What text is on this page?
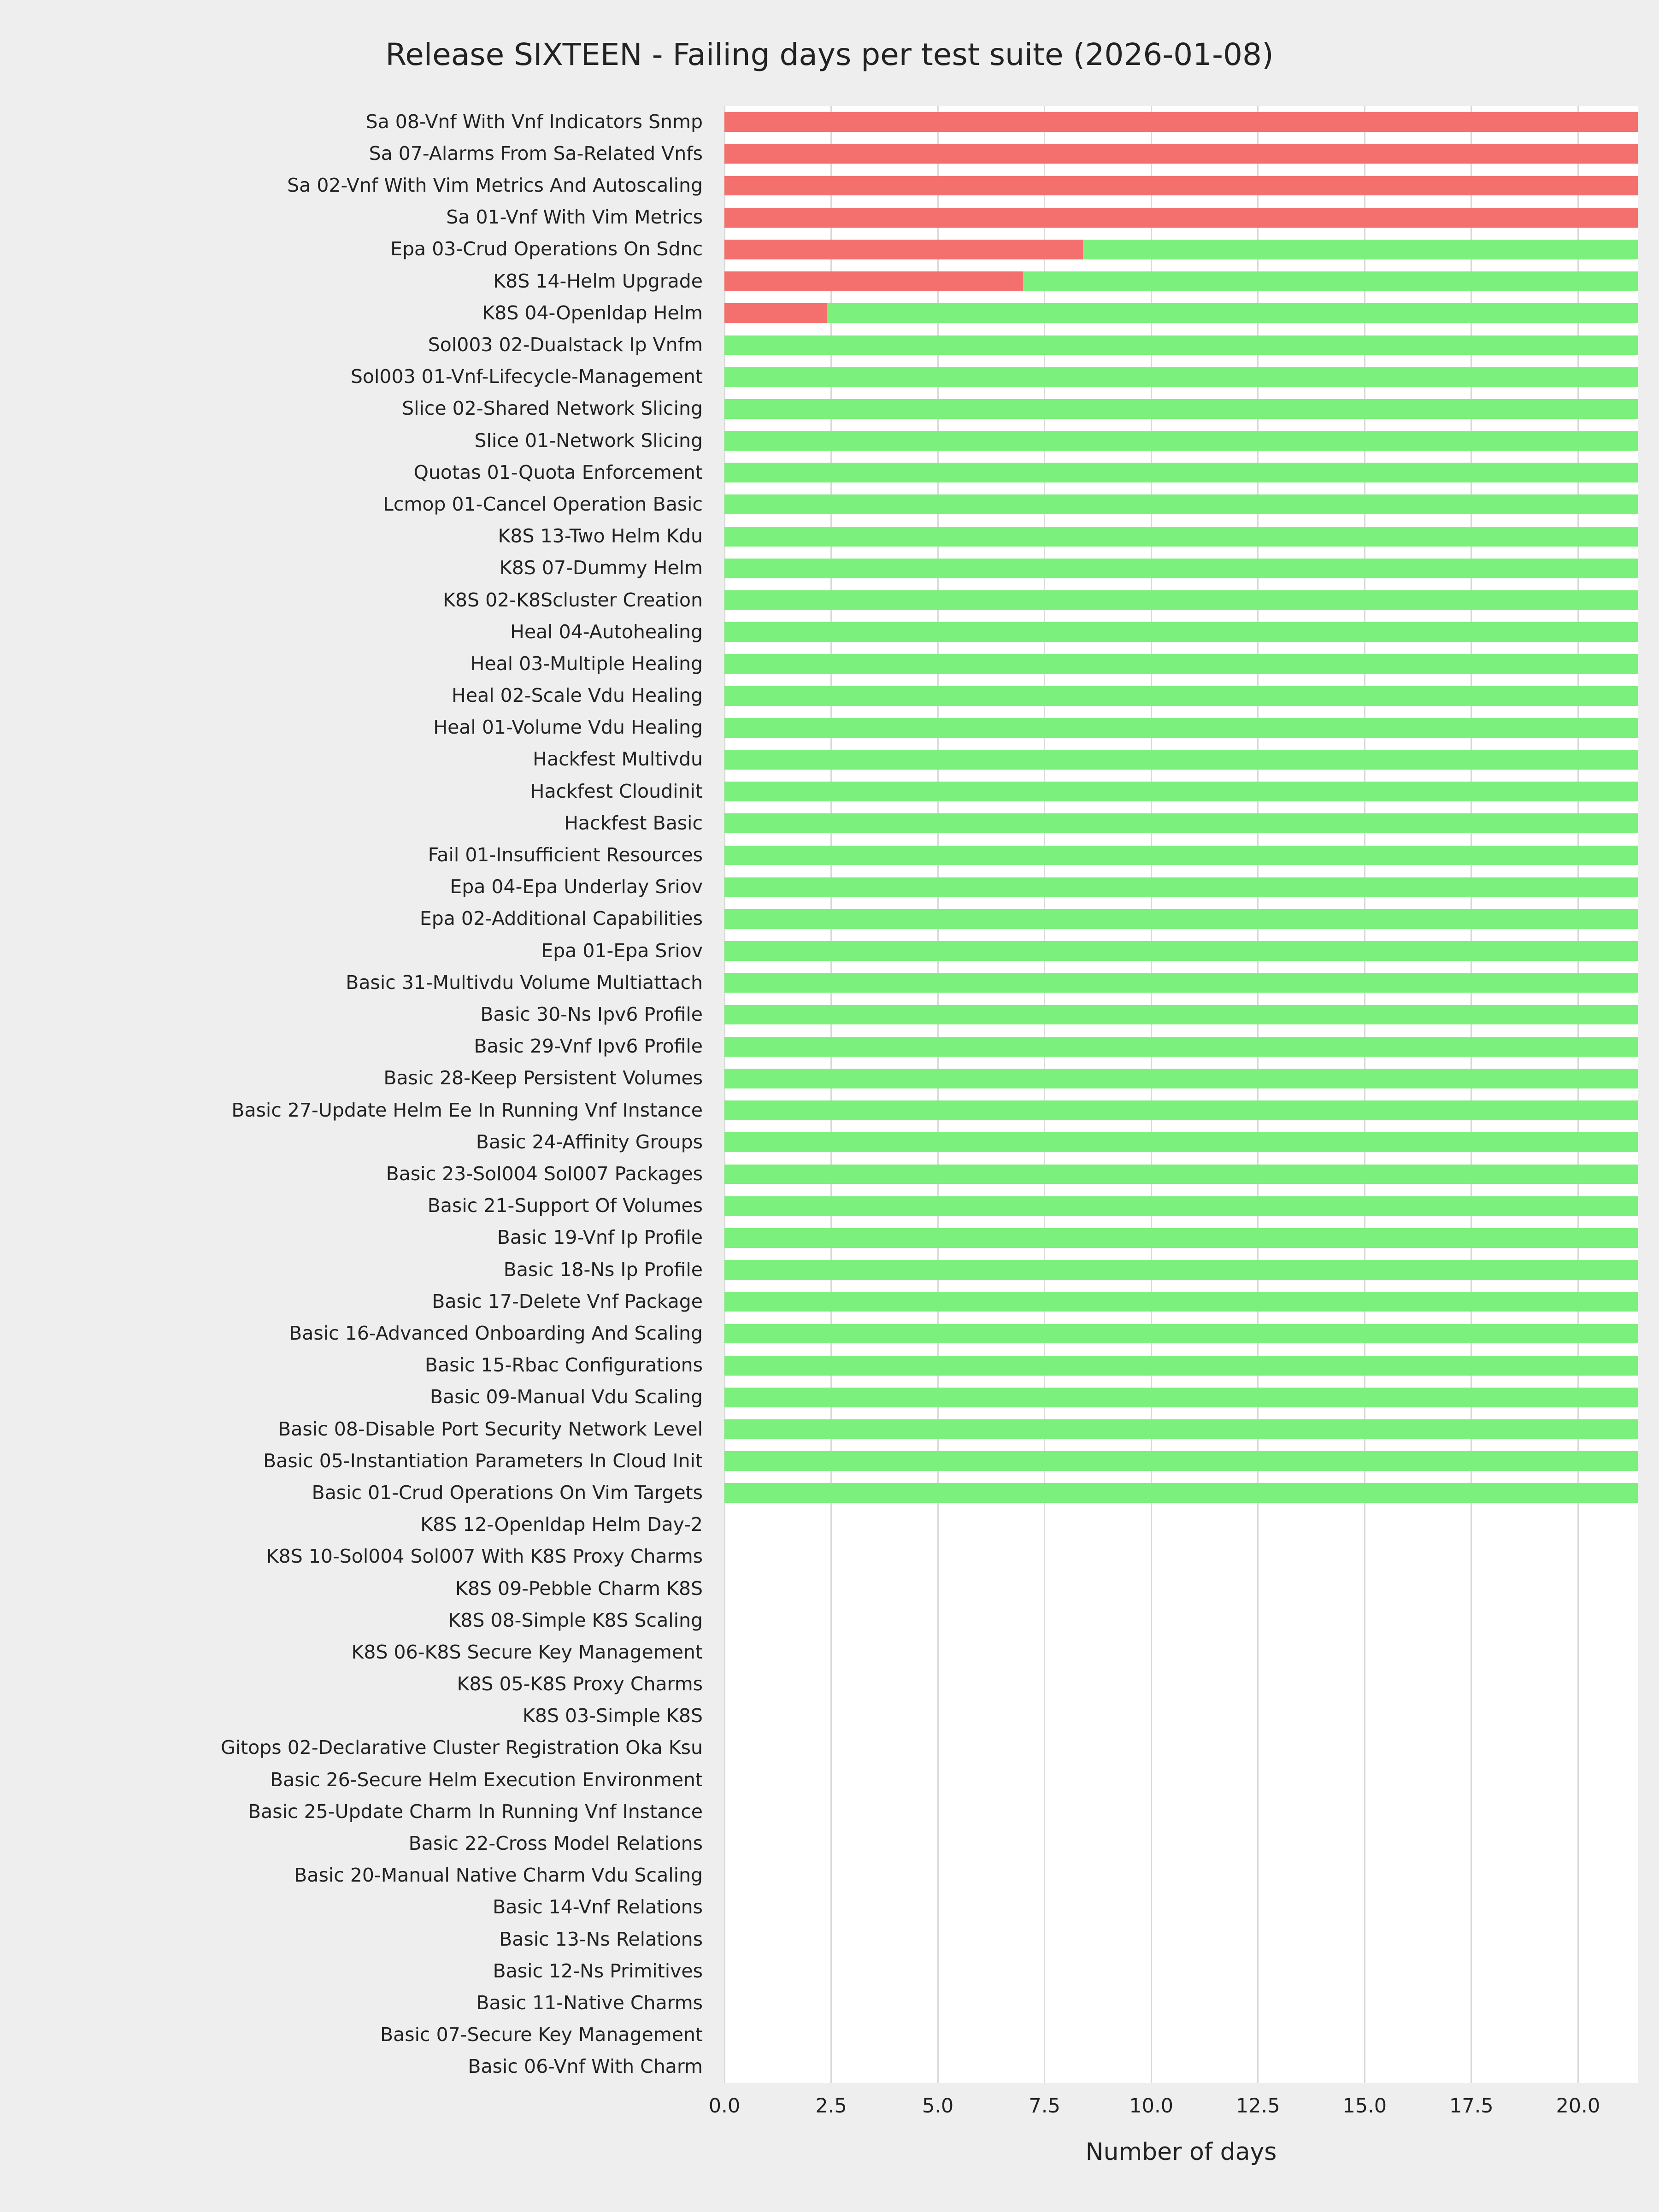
Release SIXTEEN - Failing days per test suite (2026-01-08)
Sa 08-Vnf With Vnf Indicators Snmp
Sa 07-Alarms From Sa-Related Vnfs
Sa 02-Vnf With Vim Metrics And Autoscaling
Sa 01-Vnf With Vim Metrics
Epa 03-Crud Operations On Sdnc
K8S 14-Helm Upgrade
K8S 04-Openldap Helm
Sol003 02-Dualstack Ip Vnfm
Sol003 01-Vnf-Lifecycle-Management
Slice 02-Shared Network Slicing
Slice 01-Network Slicing
Quotas 01-Quota Enforcement
Lcmop 01-Cancel Operation Basic
K8S 13-Two Helm Kdu
K8S 07-Dummy Helm
K8S 02-K8Scluster Creation
Heal 04-Autohealing
Heal 03-Multiple Healing
Heal 02-Scale Vdu Healing
Heal 01-Volume Vdu Healing
Hackfest Multivdu
Hackfest Cloudinit
Hackfest Basic
Fail 01-Insufficient Resources
Epa 04-Epa Underlay Sriov
Epa 02-Additional Capabilities
Epa 01-Epa Sriov
Basic 31-Multivdu Volume Multiattach
Basic 30-Ns Ipv6 Profile
Basic 29-Vnf Ipv6 Profile
Basic 28-Keep Persistent Volumes
Basic 27-Update Helm Ee In Running Vnf Instance
Basic 24-Affinity Groups
Basic 23-Sol004 Sol007 Packages
Basic 21-Support Of Volumes
Basic 19-Vnf Ip Profile
Basic 18-Ns Ip Profile
Basic 17-Delete Vnf Package
Basic 16-Advanced Onboarding And Scaling
Basic 15-Rbac Configurations
Basic 09-Manual Vdu Scaling
Basic 08-Disable Port Security Network Level
Basic 05-Instantiation Parameters In Cloud Init
Basic 01-Crud Operations On Vim Targets
K8S 12-Openldap Helm Day-2
K8S 10-Sol004 Sol007 With K8S Proxy Charms
K8S 09-Pebble Charm K8S
K8S 08-Simple K8S Scaling
K8S 06-K8S Secure Key Management
K8S 05-K8S Proxy Charms
K8S 03-Simple K8S
Gitops 02-Declarative Cluster Registration Oka Ksu
Basic 26-Secure Helm Execution Environment
Basic 25-Update Charm In Running Vnf Instance
Basic 22-Cross Model Relations
Basic 20-Manual Native Charm Vdu Scaling
Basic 14-Vnf Relations
Basic 13-Ns Relations
Basic 12-Ns Primitives
Basic 11-Native Charms
Basic 07-Secure Key Management
Basic 06-Vnf With Charm
0.0	2.5	5.0	7.5	10.0	12.5	15.0	17.5	20.0
Number of days
